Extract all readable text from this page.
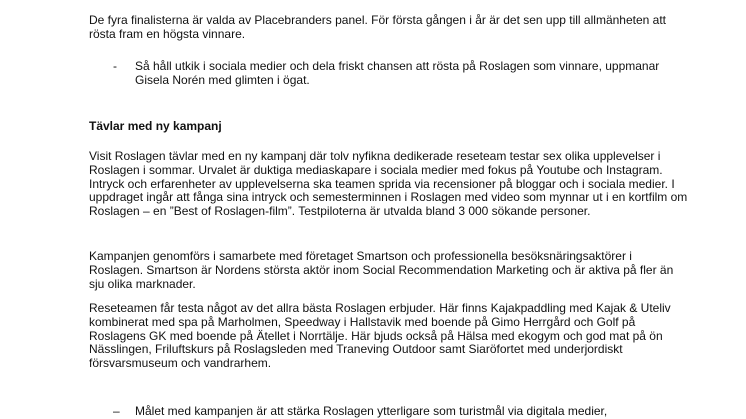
De fyra finalisterna är valda av Placebranders panel. För första gången i år är det sen upp till allmänheten att rösta fram en högsta vinnare.

- Så håll utkik i sociala medier och dela friskt chansen att rösta på Roslagen som vinnare, uppmanar Gisela Norén med glimten i ögat.

Tävlar med ny kampanj

Visit Roslagen tävlar med en ny kampanj där tolv nyfikna dedikerade reseteam testar sex olika upplevelser i Roslagen i sommar. Urvalet är duktiga mediaskapare i sociala medier med fokus på Youtube och Instagram. Intryck och erfarenheter av upplevelserna ska teamen sprida via recensioner på bloggar och i sociala medier. I uppdraget ingår att fånga sina intryck och semesterminnen i Roslagen med video som mynnar ut i en kortfilm om Roslagen – en ”Best of Roslagen-film”. Testpiloterna är utvalda bland 3 000 sökande personer.

Kampanjen genomförs i samarbete med företaget Smartson och professionella besöksnäringsaktörer i Roslagen. Smartson är Nordens största aktör inom Social Recommendation Marketing och är aktiva på fler än sju olika marknader.

Reseteamen får testa något av det allra bästa Roslagen erbjuder. Här finns Kajakpaddling med Kajak & Uteliv kombinerat med spa på Marholmen, Speedway i Hallstavik med boende på Gimo Herrgård och Golf på Roslagens GK med boende på Ätellet i Norrtälje. Här bjuds också på Hälsa med ekogym och god mat på ön Nässlingen, Friluftskurs på Roslagsleden med Traneving Outdoor samt Siaröfortet med underjordiskt försvarsmuseum och vandrarhem.

– Målet med kampanjen är att stärka Roslagen ytterligare som turistmål via digitala medier,
